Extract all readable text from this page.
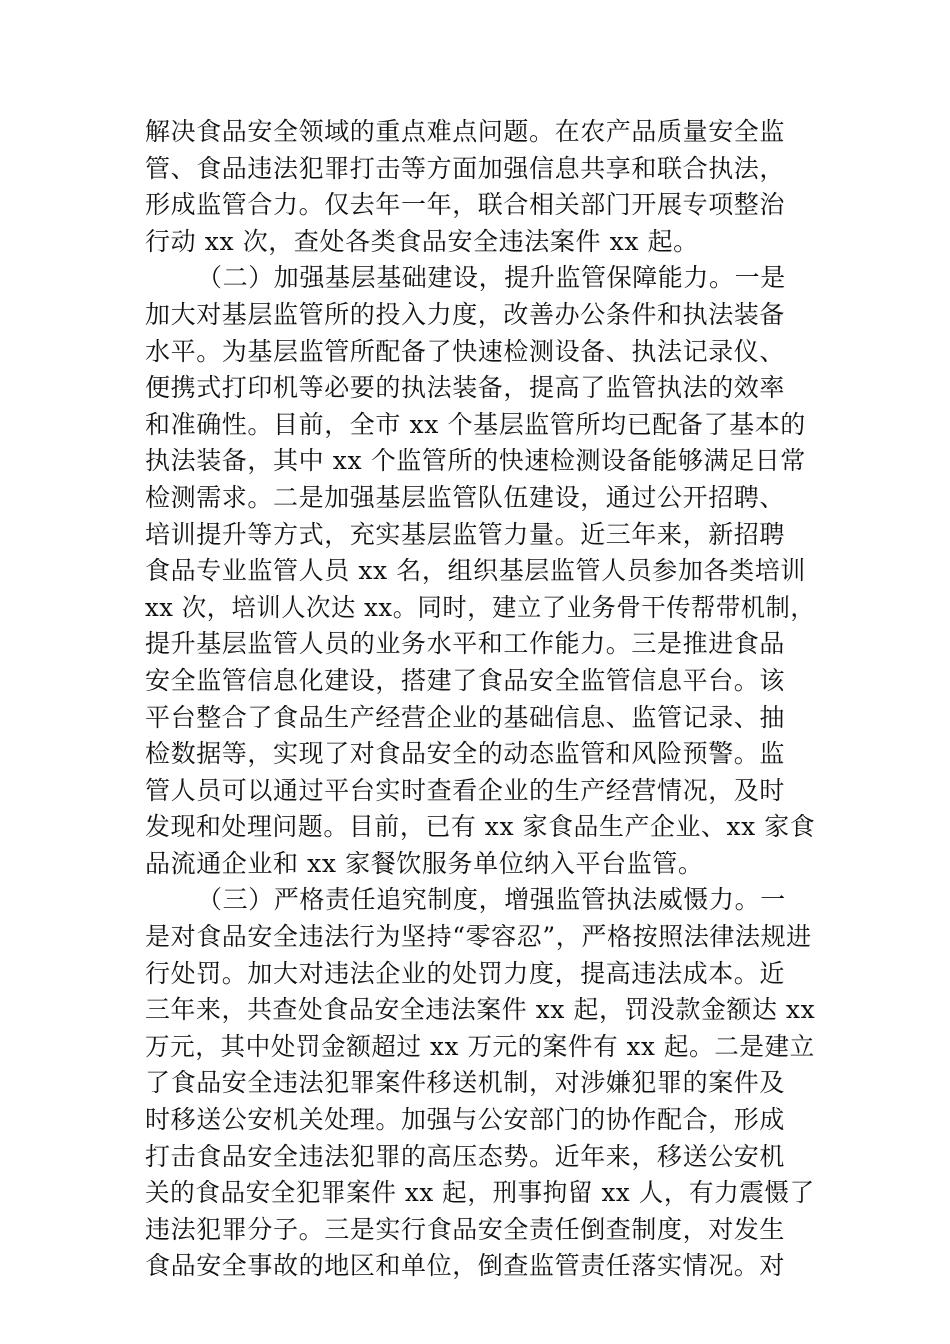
解决食品安全领域的重点难点问题。在农产品质量安全监
管、食品违法犯罪打击等方面加强信息共享和联合执法，
形成监管合力。仅去年一年，联合相关部门开展专项整治
行动 xx 次，查处各类食品安全违法案件 xx 起。
（二）加强基层基础建设，提升监管保障能力。一是
加大对基层监管所的投入力度，改善办公条件和执法装备
水平。为基层监管所配备了快速检测设备、执法记录仪、
便携式打印机等必要的执法装备，提高了监管执法的效率
和准确性。目前，全市 xx 个基层监管所均已配备了基本的
执法装备，其中 xx 个监管所的快速检测设备能够满足日常
检测需求。二是加强基层监管队伍建设，通过公开招聘、
培训提升等方式，充实基层监管力量。近三年来，新招聘
食品专业监管人员 xx 名，组织基层监管人员参加各类培训
xx 次，培训人次达 xx。同时，建立了业务骨干传帮带机制，
提升基层监管人员的业务水平和工作能力。三是推进食品
安全监管信息化建设，搭建了食品安全监管信息平台。该
平台整合了食品生产经营企业的基础信息、监管记录、抽
检数据等，实现了对食品安全的动态监管和风险预警。监
管人员可以通过平台实时查看企业的生产经营情况，及时
发现和处理问题。目前，已有 xx 家食品生产企业、xx 家食
品流通企业和 xx 家餐饮服务单位纳入平台监管。
（三）严格责任追究制度，增强监管执法威慑力。一
是对食品安全违法行为坚持“零容忍”，严格按照法律法规进
行处罚。加大对违法企业的处罚力度，提高违法成本。近
三年来，共查处食品安全违法案件 xx 起，罚没款金额达 xx
万元，其中处罚金额超过 xx 万元的案件有 xx 起。二是建立
了食品安全违法犯罪案件移送机制，对涉嫌犯罪的案件及
时移送公安机关处理。加强与公安部门的协作配合，形成
打击食品安全违法犯罪的高压态势。近年来，移送公安机
关的食品安全犯罪案件 xx 起，刑事拘留 xx 人，有力震慑了
违法犯罪分子。三是实行食品安全责任倒查制度，对发生
食品安全事故的地区和单位，倒查监管责任落实情况。对
